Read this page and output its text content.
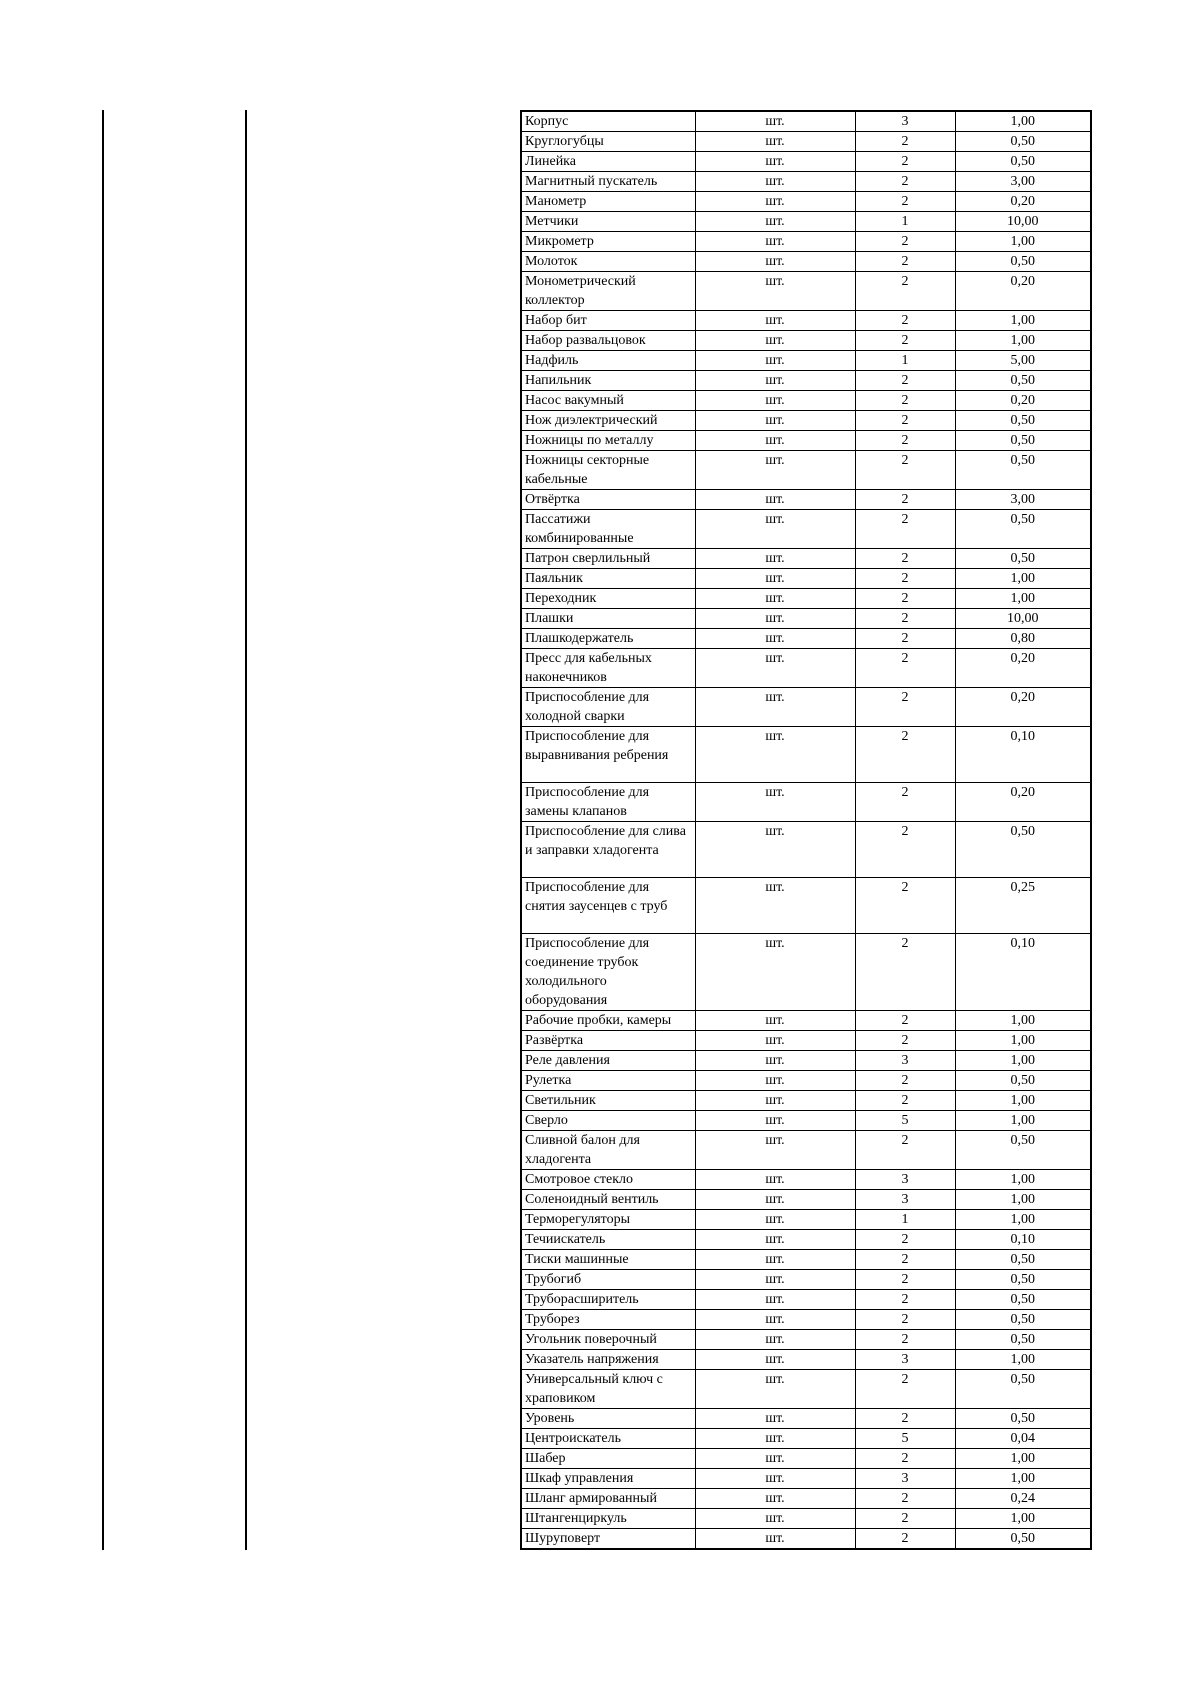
Корпус	шт.	3	1,00
Круглогубцы	шт.	2	0,50
Линейка	шт.	2	0,50
Магнитный пускатель	шт.	2	3,00
Манометр	шт.	2	0,20
Метчики	шт.	1	10,00
Микрометр	шт.	2	1,00
Молоток	шт.	2	0,50
Монометрический коллектор	шт.	2	0,20
Набор бит	шт.	2	1,00
Набор развальцовок	шт.	2	1,00
Надфиль	шт.	1	5,00
Напильник	шт.	2	0,50
Насос вакумный	шт.	2	0,20
Нож диэлектрический	шт.	2	0,50
Ножницы по металлу	шт.	2	0,50
Ножницы секторные кабельные	шт.	2	0,50
Отвёртка	шт.	2	3,00
Пассатижи комбинированные	шт.	2	0,50
Патрон сверлильный	шт.	2	0,50
Паяльник	шт.	2	1,00
Переходник	шт.	2	1,00
Плашки	шт.	2	10,00
Плашкодержатель	шт.	2	0,80
Пресс для кабельных наконечников	шт.	2	0,20
Приспособление для холодной сварки	шт.	2	0,20
Приспособление для выравнивания ребрения	шт.	2	0,10
Приспособление для замены клапанов	шт.	2	0,20
Приспособление для слива и заправки хладогента	шт.	2	0,50
Приспособление для снятия заусенцев с труб	шт.	2	0,25
Приспособление для соединение трубок холодильного оборудования	шт.	2	0,10
Рабочие пробки, камеры	шт.	2	1,00
Развёртка	шт.	2	1,00
Реле давления	шт.	3	1,00
Рулетка	шт.	2	0,50
Светильник	шт.	2	1,00
Сверло	шт.	5	1,00
Сливной балон для хладогента	шт.	2	0,50
Смотровое стекло	шт.	3	1,00
Соленоидный вентиль	шт.	3	1,00
Терморегуляторы	шт.	1	1,00
Течиискатель	шт.	2	0,10
Тиски машинные	шт.	2	0,50
Трубогиб	шт.	2	0,50
Труборасширитель	шт.	2	0,50
Труборез	шт.	2	0,50
Угольник поверочный	шт.	2	0,50
Указатель напряжения	шт.	3	1,00
Универсальный ключ с храповиком	шт.	2	0,50
Уровень	шт.	2	0,50
Центроискатель	шт.	5	0,04
Шабер	шт.	2	1,00
Шкаф управления	шт.	3	1,00
Шланг армированный	шт.	2	0,24
Штангенциркуль	шт.	2	1,00
Шуруповерт	шт.	2	0,50
